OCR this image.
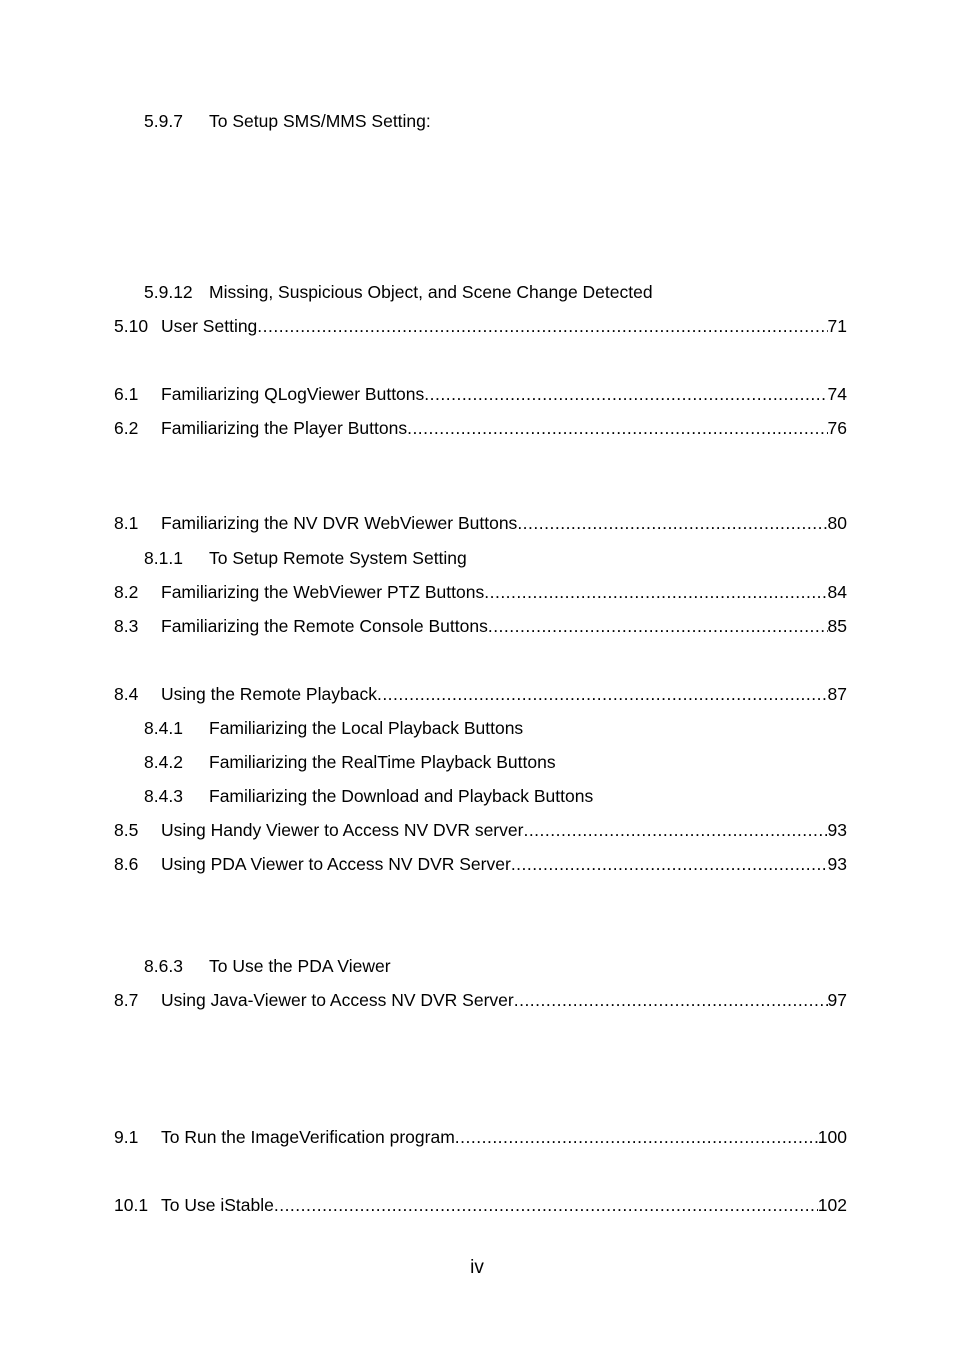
5.9.7 To Setup SMS/MMS Setting:
5.9.12 Missing, Suspicious Object, and Scene Change Detected
5.10 User Setting .....	71
6.1 Familiarizing QLogViewer Buttons .....	74
6.2 Familiarizing the Player Buttons .....	76
8.1 Familiarizing the NV DVR WebViewer Buttons .....	80
8.1.1 To Setup Remote System Setting
8.2 Familiarizing the WebViewer PTZ Buttons .....	84
8.3 Familiarizing the Remote Console Buttons .....	85
8.4 Using the Remote Playback .....	87
8.4.1 Familiarizing the Local Playback Buttons
8.4.2 Familiarizing the RealTime Playback Buttons
8.4.3 Familiarizing the Download and Playback Buttons
8.5 Using Handy Viewer to Access NV DVR server .....	93
8.6 Using PDA Viewer to Access NV DVR Server .....	93
8.6.3 To Use the PDA Viewer
8.7 Using Java-Viewer to Access NV DVR Server .....	97
9.1 To Run the ImageVerification program .....	100
10.1 To Use iStable .....	102
iv
